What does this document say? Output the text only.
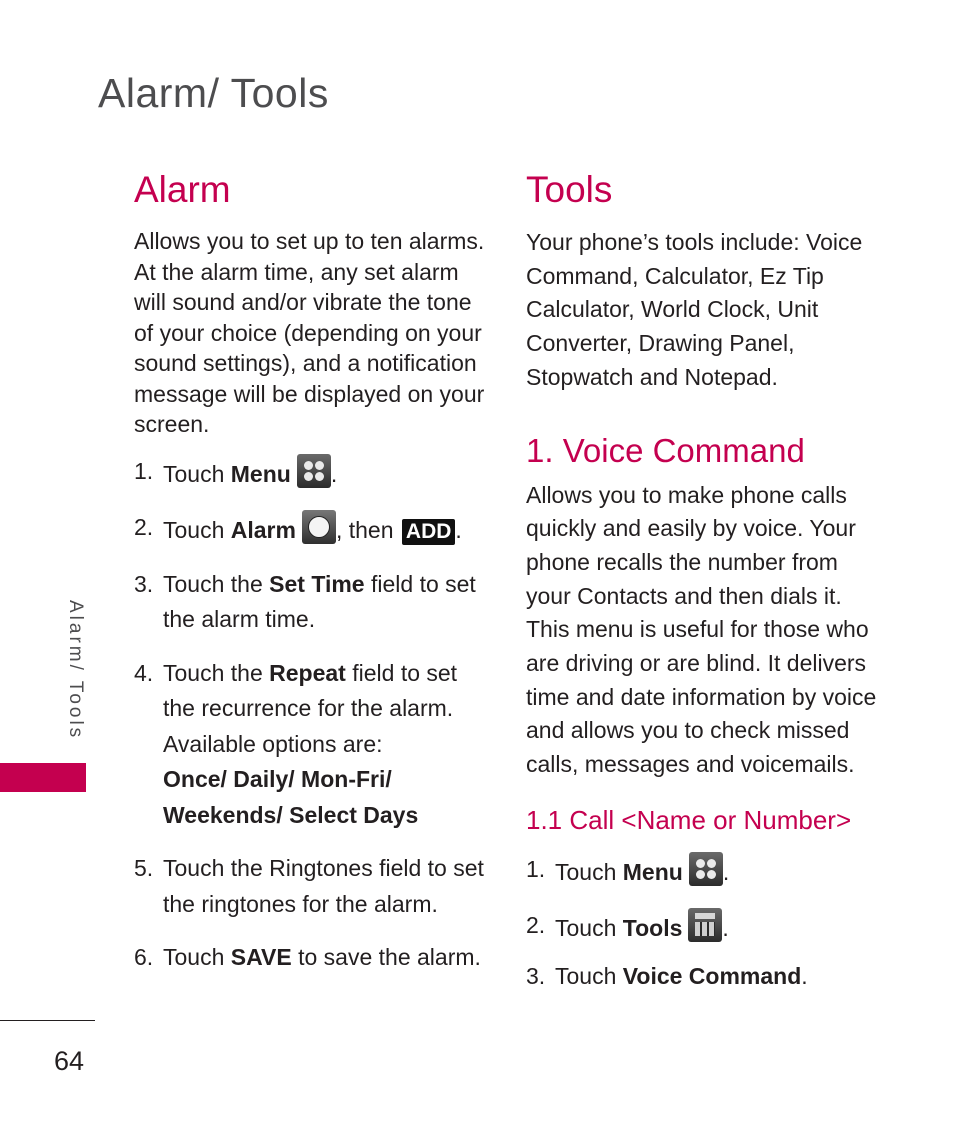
Alarm/ Tools
Alarm

Allows you to set up to ten alarms. At the alarm time, any set alarm will sound and/or vibrate the tone of your choice (depending on your sound settings), and a notification message will be displayed on your screen.

1. Touch Menu .
2. Touch Alarm , then ADD .
3. Touch the Set Time field to set the alarm time.
4. Touch the Repeat field to set the recurrence for the alarm. Available options are:
Once/ Daily/ Mon-Fri/ Weekends/ Select Days
5. Touch the Ringtones field to set the ringtones for the alarm.
6. Touch SAVE to save the alarm.
Tools

Your phone’s tools include: Voice Command, Calculator, Ez Tip Calculator, World Clock, Unit Converter, Drawing Panel, Stopwatch and Notepad.

1. Voice Command

Allows you to make phone calls quickly and easily by voice. Your phone recalls the number from your Contacts and then dials it. This menu is useful for those who are driving or are blind. It delivers time and date information by voice and allows you to check missed calls, messages and voicemails.

1.1 Call <Name or Number>
1. Touch Menu .
2. Touch Tools .
3. Touch Voice Command.
Alarm/ Tools
64
